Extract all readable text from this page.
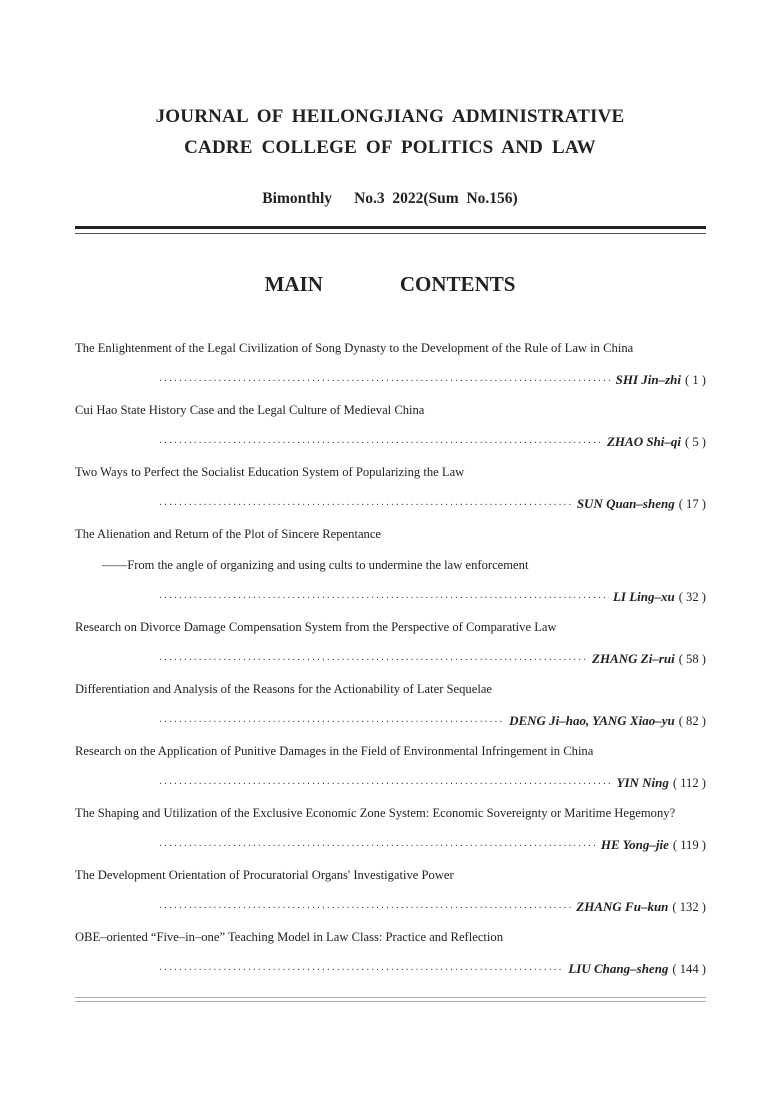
JOURNAL OF HEILONGJIANG ADMINISTRATIVE
CADRE COLLEGE OF POLITICS AND LAW
Bimonthly No.3  2022(Sum  No.156)
MAIN    CONTENTS
The Enlightenment of the Legal Civilization of Song Dynasty to the Development of the Rule of Law in China
·····
SHI Jin–zhi ( 1 )
Cui Hao State History Case and the Legal Culture of Medieval China
·····
ZHAO Shi–qi ( 5 )
Two Ways to Perfect the Socialist Education System of Popularizing the Law
·····
SUN Quan–sheng ( 17 )
The Alienation and Return of the Plot of Sincere Repentance
——From the angle of organizing and using cults to undermine the law enforcement
·····
LI Ling–xu ( 32 )
Research on Divorce Damage Compensation System from the Perspective of Comparative Law
·····
ZHANG Zi–rui ( 58 )
Differentiation and Analysis of the Reasons for the Actionability of Later Sequelae
·····
DENG Ji–hao, YANG Xiao–yu ( 82 )
Research on the Application of Punitive Damages in the Field of Environmental Infringement in China
·····
YIN Ning ( 112 )
The Shaping and Utilization of the Exclusive Economic Zone System: Economic Sovereignty or Maritime Hegemony?
·····
HE Yong–jie ( 119 )
The Development Orientation of Procuratorial Organs' Investigative Power
·····
ZHANG Fu–kun ( 132 )
OBE–oriented “Five–in–one” Teaching Model in Law Class: Practice and Reflection
·····
LIU Chang–sheng ( 144 )
